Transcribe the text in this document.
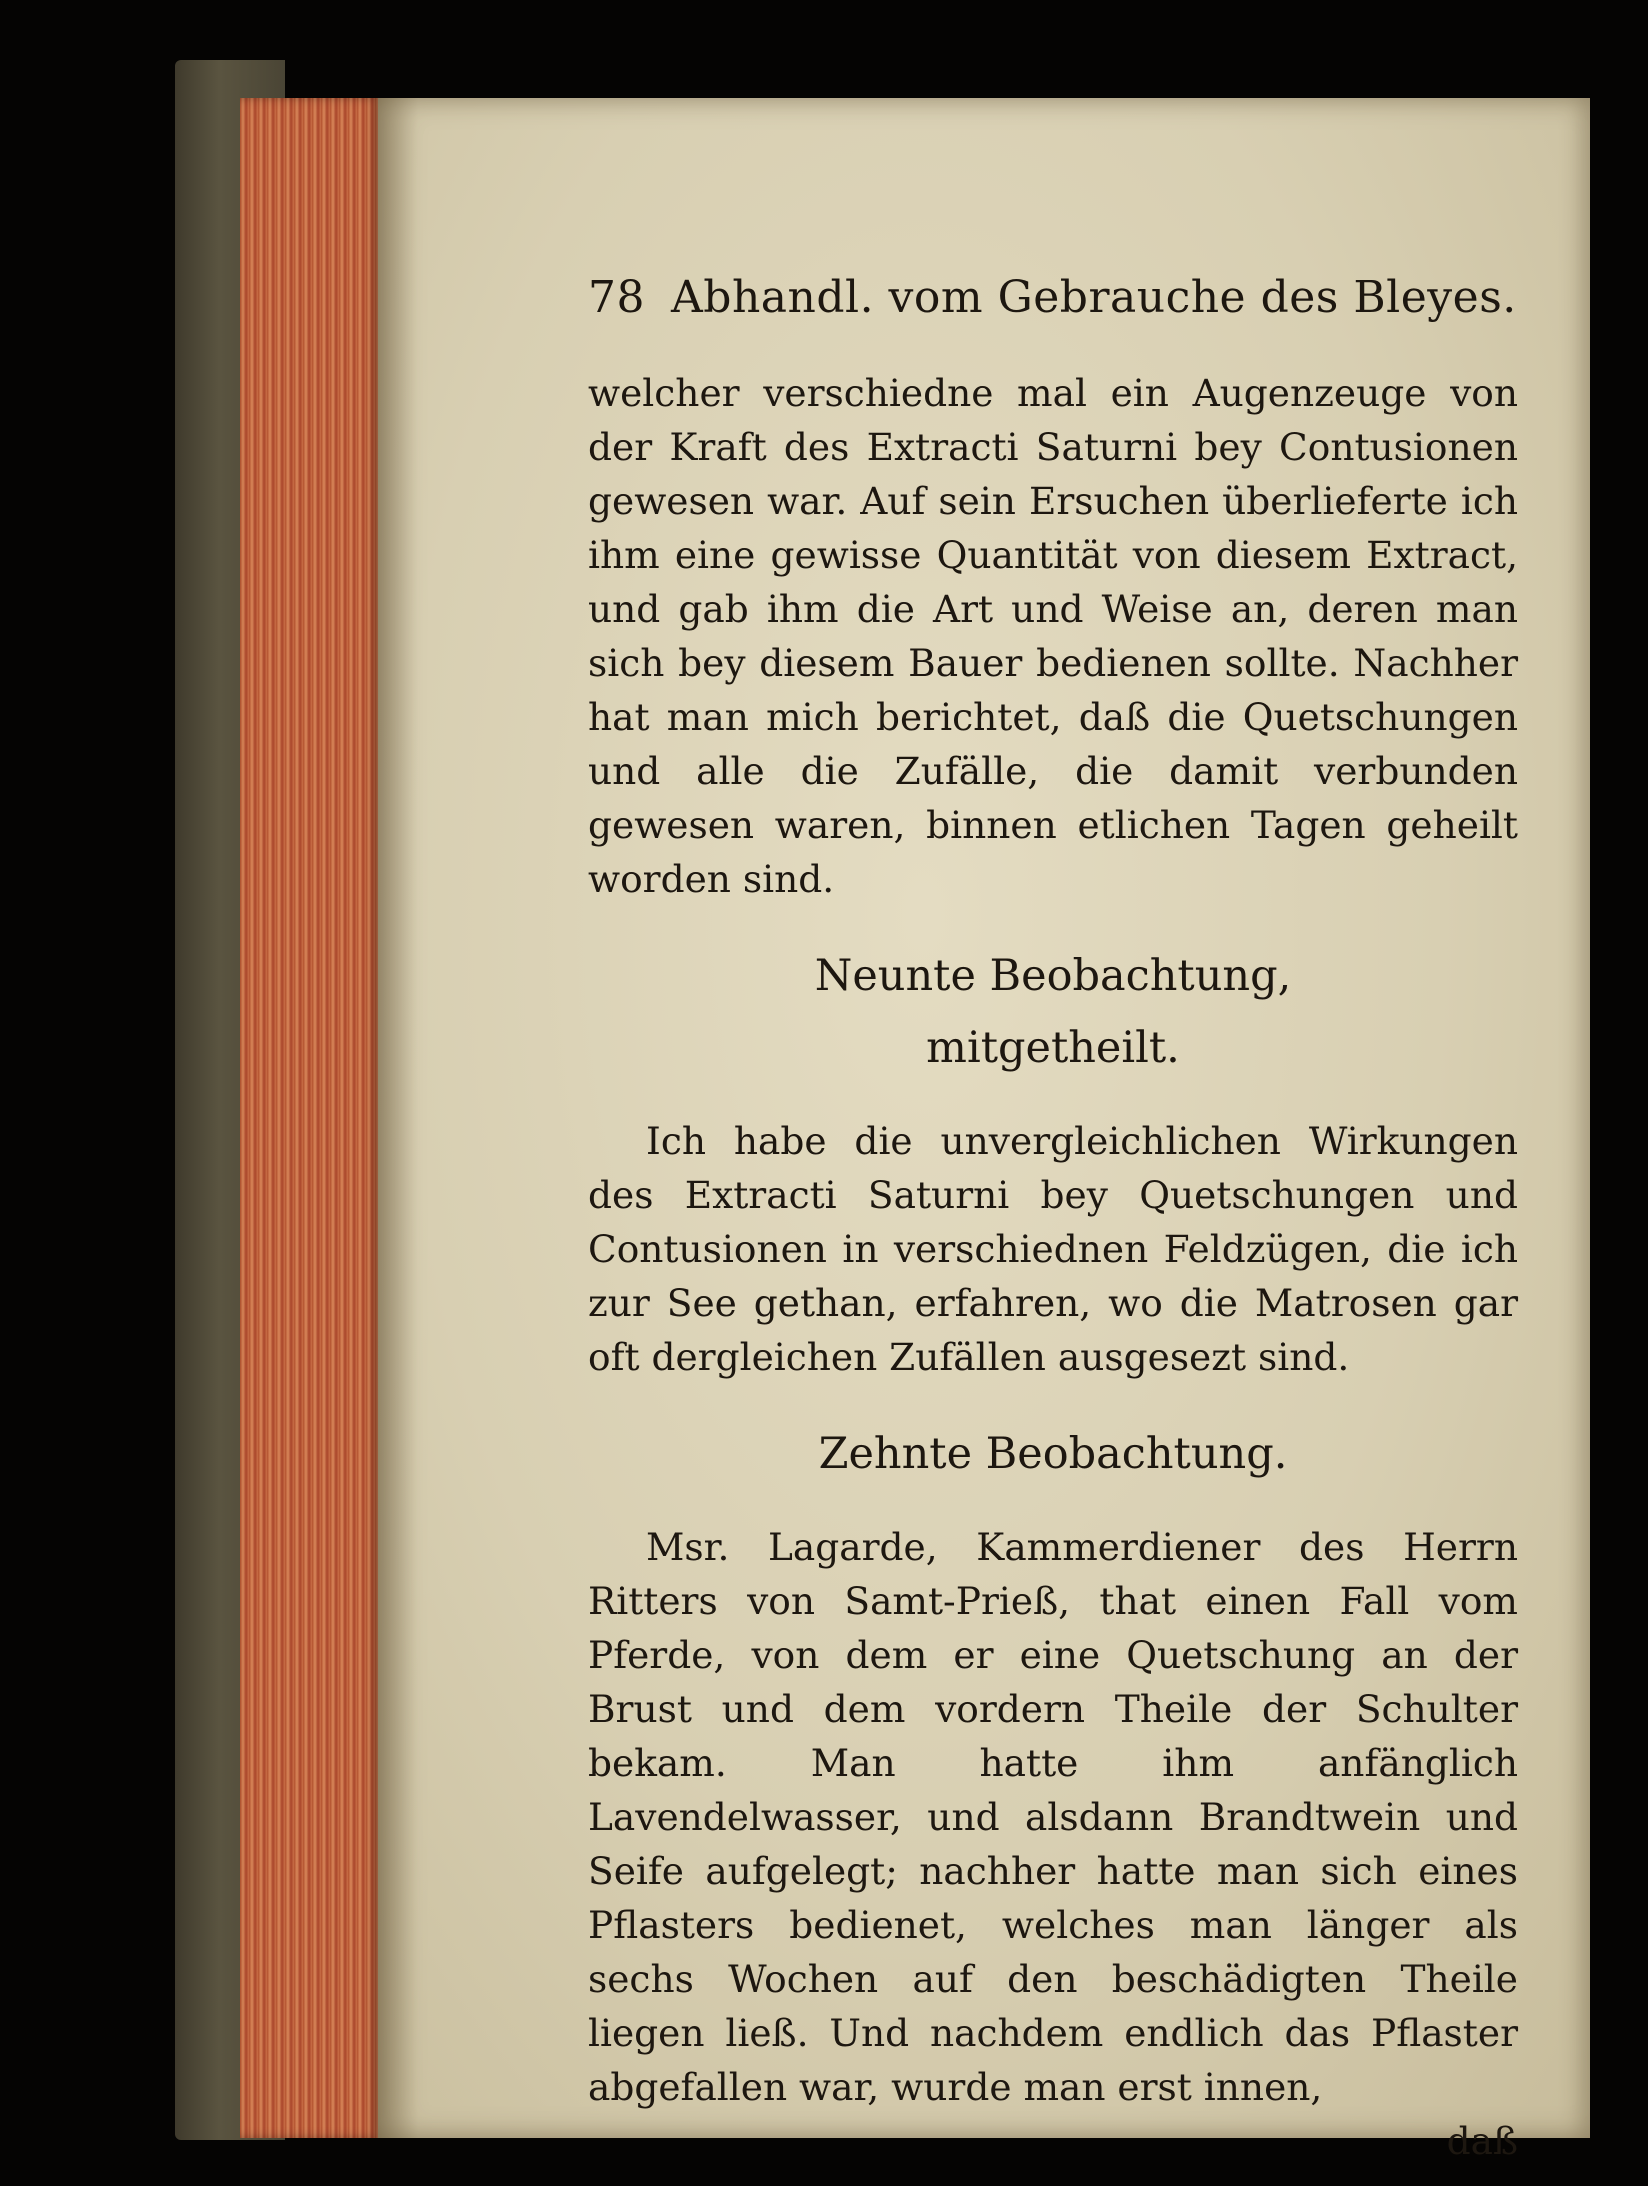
78 Abhandl. vom Gebrauche des Bleyes.

welcher verschiedne mal ein Augenzeuge von der Kraft des Extracti Saturni bey Contusionen gewesen war. Auf sein Ersuchen überlieferte ich ihm eine gewisse Quantität von diesem Extract, und gab ihm die Art und Weise an, deren man sich bey diesem Bauer bedienen sollte. Nachher hat man mich berichtet, daß die Quetschungen und alle die Zufälle, die damit verbunden gewesen waren, binnen etlichen Tagen geheilt worden sind.

Neunte Beobachtung,

mitgetheilt.

Ich habe die unvergleichlichen Wirkungen des Extracti Saturni bey Quetschungen und Contusionen in verschiednen Feldzügen, die ich zur See gethan, erfahren, wo die Matrosen gar oft dergleichen Zufällen ausgesezt sind.

Zehnte Beobachtung.

Msr. Lagarde, Kammerdiener des Herrn Ritters von Samt-Prieß, that einen Fall vom Pferde, von dem er eine Quetschung an der Brust und dem vordern Theile der Schulter bekam. Man hatte ihm anfänglich Lavendelwasser, und alsdann Brandtwein und Seife aufgelegt; nachher hatte man sich eines Pflasters bedienet, welches man länger als sechs Wochen auf den beschädigten Theile liegen ließ. Und nachdem endlich das Pflaster abgefallen war, wurde man erst innen,

daß
